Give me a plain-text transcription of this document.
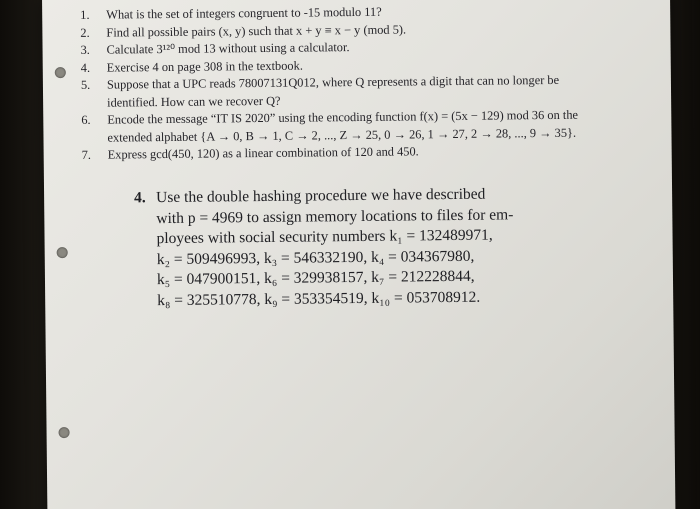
1. What is the set of integers congruent to -15 modulo 11?
2. Find all possible pairs (x, y) such that x + y ≡ x − y (mod 5).
3. Calculate 3¹²⁰ mod 13 without using a calculator.
4. Exercise 4 on page 308 in the textbook.
5. Suppose that a UPC reads 78007131Q012, where Q represents a digit that can no longer be
identified. How can we recover Q?
6. Encode the message “IT IS 2020” using the encoding function f(x) = (5x − 129) mod 36 on the
extended alphabet {A → 0, B → 1, C → 2, ..., Z → 25, 0 → 26, 1 → 27, 2 → 28, ..., 9 → 35}.
7. Express gcd(450, 120) as a linear combination of 120 and 450.
4. Use the double hashing procedure we have described
with p = 4969 to assign memory locations to files for em-
ployees with social security numbers k₁ = 132489971,
k₂ = 509496993, k₃ = 546332190, k₄ = 034367980,
k₅ = 047900151, k₆ = 329938157, k₇ = 212228844,
k₈ = 325510778, k₉ = 353354519, k₁₀ = 053708912.
